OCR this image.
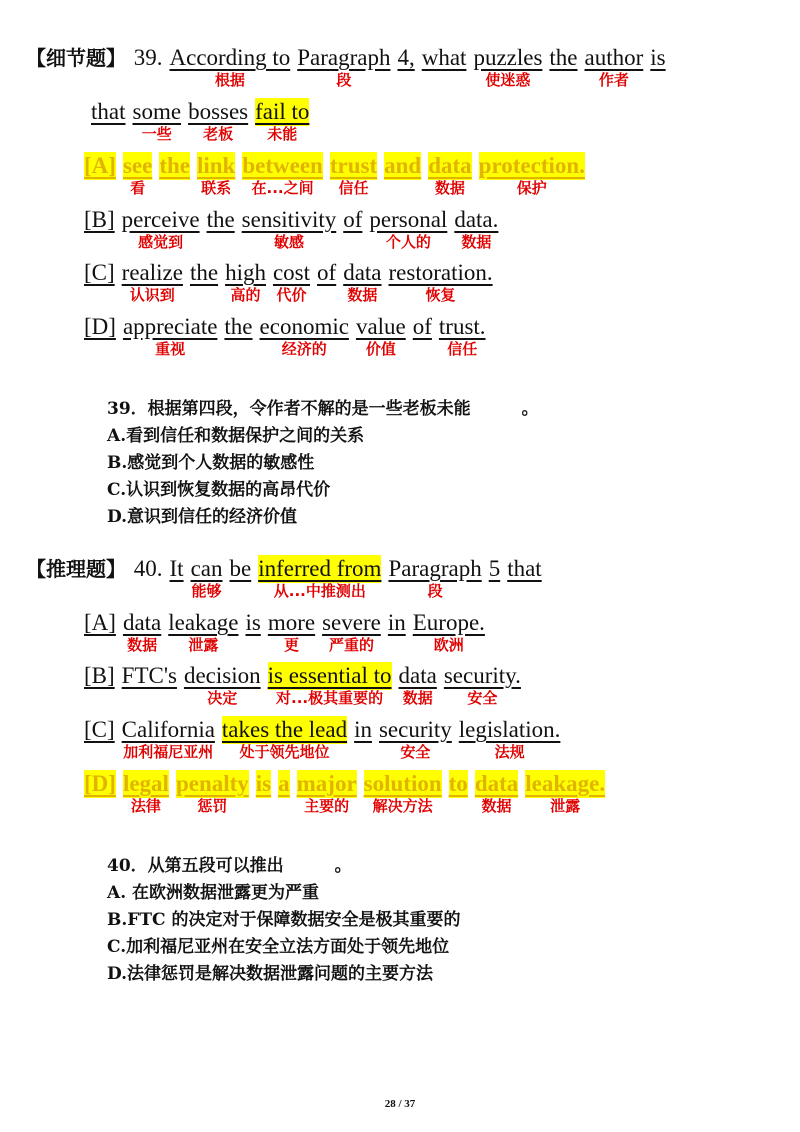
【细节题】 39. According to
根据
Paragraph
段
4, what puzzles
使迷惑
the author
作者
is
that some
一些
bosses
老板
fail to
未能
[A] see
看
the link
联系
between
在...之间
trust
信任
and data
数据
protection.
保护
[B] perceive
感觉到
the sensitivity
敏感
of personal
个人的
data.
数据
[C] realize
认识到
the high
高的
cost
代价
of data
数据
restoration.
恢复
[D] appreciate
重视
the economic
经济的
value
价值
of trust.
信任
39．根据第四段，令作者不解的是一些老板未能　　　。
A.看到信任和数据保护之间的关系
B.感觉到个人数据的敏感性
C.认识到恢复数据的高昂代价
D.意识到信任的经济价值
【推理题】 40. It can
能够
be inferred from
从...中推测出
Paragraph
段
5 that
[A] data
数据
leakage
泄露
is more
更
severe
严重的
in Europe.
欧洲
[B] FTC's decision
决定
is essential to
对...极其重要的
data
数据
security.
安全
[C] California
加利福尼亚州
takes the lead
处于领先地位
in security
安全
legislation.
法规
[D] legal
法律
penalty
惩罚
is a major
主要的
solution
解决方法
to data
数据
leakage.
泄露
40．从第五段可以推出　　　。
A. 在欧洲数据泄露更为严重
B.FTC 的决定对于保障数据安全是极其重要的
C.加利福尼亚州在安全立法方面处于领先地位
D.法律惩罚是解决数据泄露问题的主要方法
28 / 37
